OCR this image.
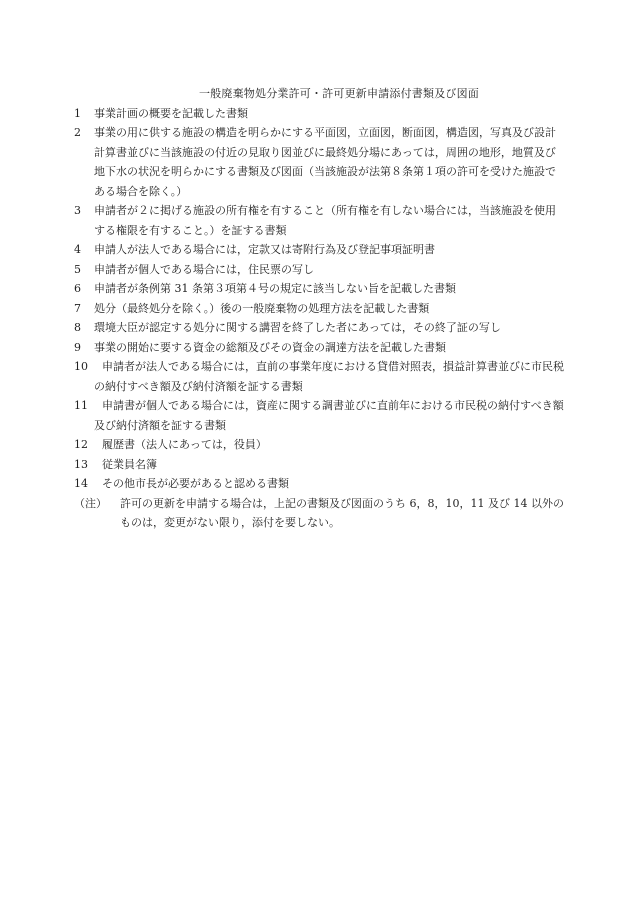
一般廃棄物処分業許可・許可更新申請添付書類及び図面
1 事業計画の概要を記載した書類
2 事業の用に供する施設の構造を明らかにする平面図，立面図，断面図，構造図，写真及び設計計算書並びに当該施設の付近の見取り図並びに最終処分場にあっては，周囲の地形，地質及び地下水の状況を明らかにする書類及び図面（当該施設が法第８条第１項の許可を受けた施設である場合を除く。）
3 申請者が２に掲げる施設の所有権を有すること（所有権を有しない場合には，当該施設を使用する権限を有すること。）を証する書類
4 申請人が法人である場合には，定款又は寄附行為及び登記事項証明書
5 申請者が個人である場合には，住民票の写し
6 申請者が条例第 31 条第３項第４号の規定に該当しない旨を記載した書類
7 処分（最終処分を除く。）後の一般廃棄物の処理方法を記載した書類
8 環境大臣が認定する処分に関する講習を終了した者にあっては，その終了証の写し
9 事業の開始に要する資金の総額及びその資金の調達方法を記載した書類
10 申請者が法人である場合には，直前の事業年度における貸借対照表，損益計算書並びに市民税の納付すべき額及び納付済額を証する書類
11 申請書が個人である場合には，資産に関する調書並びに直前年における市民税の納付すべき額及び納付済額を証する書類
12 履歴書（法人にあっては，役員）
13 従業員名簿
14 その他市長が必要があると認める書類

（注） 許可の更新を申請する場合は，上記の書類及び図面のうち 6，8，10，11 及び 14 以外のものは，変更がない限り，添付を要しない。
